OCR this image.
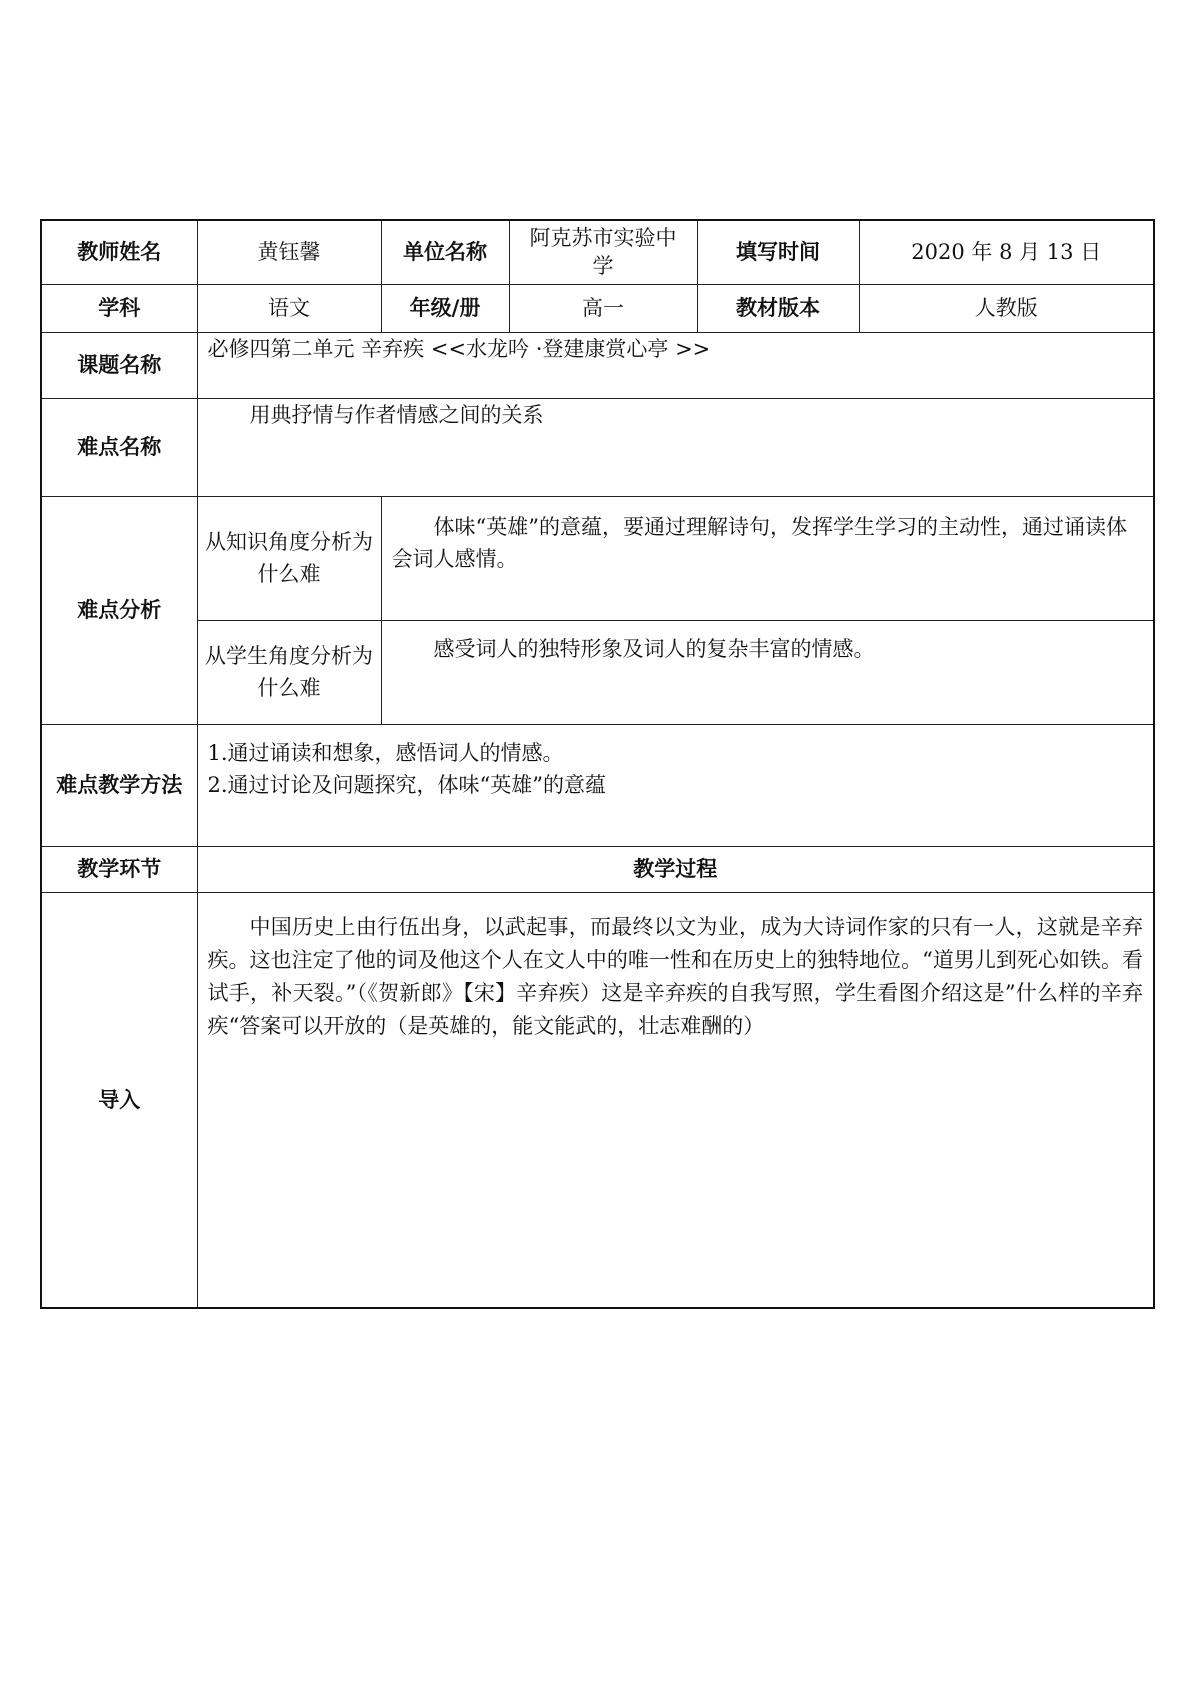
教师姓名	黄钰馨	单位名称	阿克苏市实验中学	填写时间	2020 年 8 月 13 日
学科	语文	年级/册	高一	教材版本	人教版
课题名称	必修四第二单元 辛弃疾 <<水龙吟 ·登建康赏心亭 >>				
难点名称	用典抒情与作者情感之间的关系				
难点分析	从知识角度分析为什么难	体味“英雄”的意蕴，要通过理解诗句，发挥学生学习的主动性，通过诵读体会词人感情。			
	从学生角度分析为什么难	感受词人的独特形象及词人的复杂丰富的情感。			
难点教学方法	1.通过诵读和想象，感悟词人的情感。
2.通过讨论及问题探究，体味“英雄”的意蕴				

教学环节	教学过程				
导入	中国历史上由行伍出身，以武起事，而最终以文为业，成为大诗词作家的只有一人，这就是辛弃疾。这也注定了他的词及他这个人在文人中的唯一性和在历史上的独特地位。“道男儿到死心如铁。看试手，补天裂。”（《贺新郎》【宋】辛弃疾）这是辛弃疾的自我写照，学生看图介绍这是”什么样的辛弃疾“答案可以开放的（是英雄的，能文能武的，壮志难酬的）				
